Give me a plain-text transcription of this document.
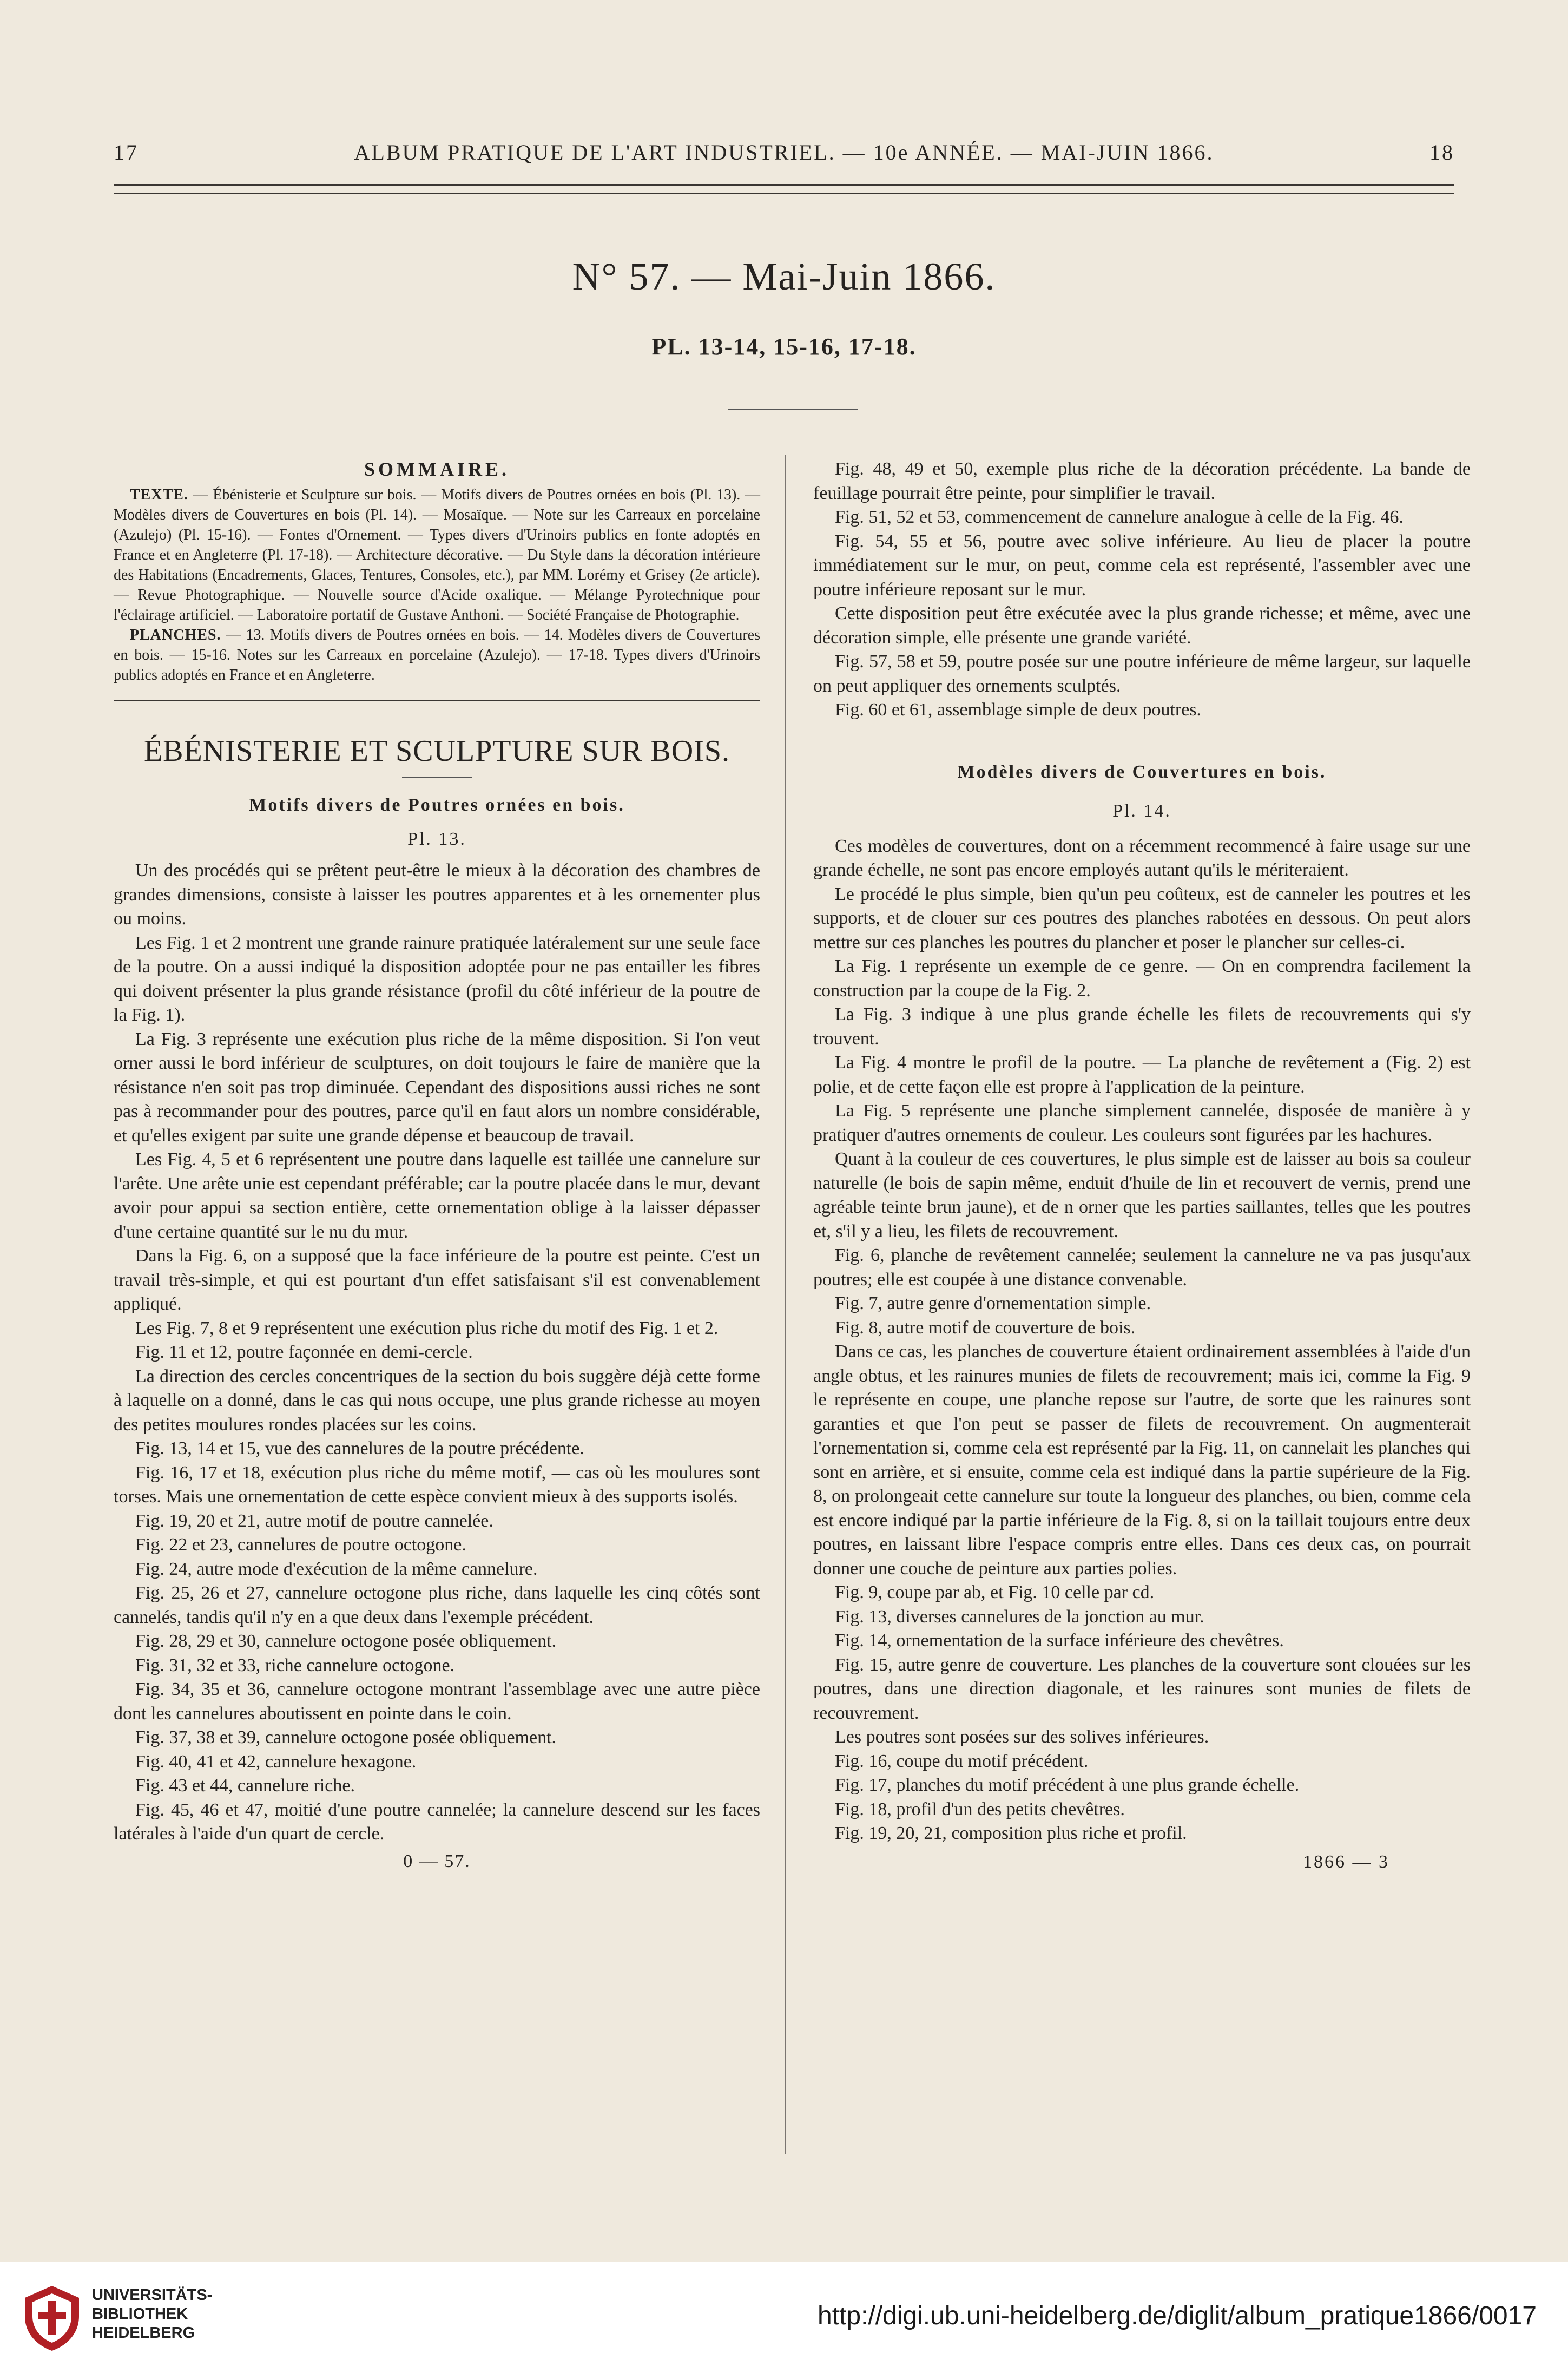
17	ALBUM PRATIQUE DE L'ART INDUSTRIEL. — 10e ANNÉE. — MAI-JUIN 1866.	18
N° 57. — Mai-Juin 1866.
PL. 13-14, 15-16, 17-18.
SOMMAIRE.

TEXTE. — Ébénisterie et Sculpture sur bois. — Motifs divers de Poutres ornées en bois (Pl. 13). — Modèles divers de Couvertures en bois (Pl. 14). — Mosaïque. — Note sur les Carreaux en porcelaine (Azulejo) (Pl. 15-16). — Fontes d'Ornement. — Types divers d'Urinoirs publics en fonte adoptés en France et en Angleterre (Pl. 17-18). — Architecture décorative. — Du Style dans la décoration intérieure des Habitations (Encadrements, Glaces, Tentures, Consoles, etc.), par MM. Lorémy et Grisey (2e article). — Revue Photographique. — Nouvelle source d'Acide oxalique. — Mélange Pyrotechnique pour l'éclairage artificiel. — Laboratoire portatif de Gustave Anthoni. — Société Française de Photographie.

PLANCHES. — 13. Motifs divers de Poutres ornées en bois. — 14. Modèles divers de Couvertures en bois. — 15-16. Notes sur les Carreaux en porcelaine (Azulejo). — 17-18. Types divers d'Urinoirs publics adoptés en France et en Angleterre.

ÉBÉNISTERIE ET SCULPTURE SUR BOIS.
Motifs divers de Poutres ornées en bois.
Pl. 13.

Un des procédés qui se prêtent peut-être le mieux à la décoration des chambres de grandes dimensions, consiste à laisser les poutres apparentes et à les ornementer plus ou moins.

Les Fig. 1 et 2 montrent une grande rainure pratiquée latéralement sur une seule face de la poutre. On a aussi indiqué la disposition adoptée pour ne pas entailler les fibres qui doivent présenter la plus grande résistance (profil du côté inférieur de la poutre de la Fig. 1).

La Fig. 3 représente une exécution plus riche de la même disposition. Si l'on veut orner aussi le bord inférieur de sculptures, on doit toujours le faire de manière que la résistance n'en soit pas trop diminuée. Cependant des dispositions aussi riches ne sont pas à recommander pour des poutres, parce qu'il en faut alors un nombre considérable, et qu'elles exigent par suite une grande dépense et beaucoup de travail.

Les Fig. 4, 5 et 6 représentent une poutre dans laquelle est taillée une cannelure sur l'arête. Une arête unie est cependant préférable; car la poutre placée dans le mur, devant avoir pour appui sa section entière, cette ornementation oblige à la laisser dépasser d'une certaine quantité sur le nu du mur.

Dans la Fig. 6, on a supposé que la face inférieure de la poutre est peinte. C'est un travail très-simple, et qui est pourtant d'un effet satisfaisant s'il est convenablement appliqué.

Les Fig. 7, 8 et 9 représentent une exécution plus riche du motif des Fig. 1 et 2.

Fig. 11 et 12, poutre façonnée en demi-cercle.

La direction des cercles concentriques de la section du bois suggère déjà cette forme à laquelle on a donné, dans le cas qui nous occupe, une plus grande richesse au moyen des petites moulures rondes placées sur les coins.

Fig. 13, 14 et 15, vue des cannelures de la poutre précédente.

Fig. 16, 17 et 18, exécution plus riche du même motif, — cas où les moulures sont torses. Mais une ornementation de cette espèce convient mieux à des supports isolés.

Fig. 19, 20 et 21, autre motif de poutre cannelée.

Fig. 22 et 23, cannelures de poutre octogone.

Fig. 24, autre mode d'exécution de la même cannelure.

Fig. 25, 26 et 27, cannelure octogone plus riche, dans laquelle les cinq côtés sont cannelés, tandis qu'il n'y en a que deux dans l'exemple précédent.

Fig. 28, 29 et 30, cannelure octogone posée obliquement.

Fig. 31, 32 et 33, riche cannelure octogone.

Fig. 34, 35 et 36, cannelure octogone montrant l'assemblage avec une autre pièce dont les cannelures aboutissent en pointe dans le coin.

Fig. 37, 38 et 39, cannelure octogone posée obliquement.

Fig. 40, 41 et 42, cannelure hexagone.

Fig. 43 et 44, cannelure riche.

Fig. 45, 46 et 47, moitié d'une poutre cannelée; la cannelure descend sur les faces latérales à l'aide d'un quart de cercle.

0 — 57.

Fig. 48, 49 et 50, exemple plus riche de la décoration précédente. La bande de feuillage pourrait être peinte, pour simplifier le travail.

Fig. 51, 52 et 53, commencement de cannelure analogue à celle de la Fig. 46.

Fig. 54, 55 et 56, poutre avec solive inférieure. Au lieu de placer la poutre immédiatement sur le mur, on peut, comme cela est représenté, l'assembler avec une poutre inférieure reposant sur le mur.

Cette disposition peut être exécutée avec la plus grande richesse; et même, avec une décoration simple, elle présente une grande variété.

Fig. 57, 58 et 59, poutre posée sur une poutre inférieure de même largeur, sur laquelle on peut appliquer des ornements sculptés.

Fig. 60 et 61, assemblage simple de deux poutres.

Modèles divers de Couvertures en bois.
Pl. 14.

Ces modèles de couvertures, dont on a récemment recommencé à faire usage sur une grande échelle, ne sont pas encore employés autant qu'ils le mériteraient.

Le procédé le plus simple, bien qu'un peu coûteux, est de canneler les poutres et les supports, et de clouer sur ces poutres des planches rabotées en dessous. On peut alors mettre sur ces planches les poutres du plancher et poser le plancher sur celles-ci.

La Fig. 1 représente un exemple de ce genre. — On en comprendra facilement la construction par la coupe de la Fig. 2.

La Fig. 3 indique à une plus grande échelle les filets de recouvrements qui s'y trouvent.

La Fig. 4 montre le profil de la poutre. — La planche de revêtement a (Fig. 2) est polie, et de cette façon elle est propre à l'application de la peinture.

La Fig. 5 représente une planche simplement cannelée, disposée de manière à y pratiquer d'autres ornements de couleur. Les couleurs sont figurées par les hachures.

Quant à la couleur de ces couvertures, le plus simple est de laisser au bois sa couleur naturelle (le bois de sapin même, enduit d'huile de lin et recouvert de vernis, prend une agréable teinte brun jaune), et de n orner que les parties saillantes, telles que les poutres et, s'il y a lieu, les filets de recouvrement.

Fig. 6, planche de revêtement cannelée; seulement la cannelure ne va pas jusqu'aux poutres; elle est coupée à une distance convenable.

Fig. 7, autre genre d'ornementation simple.

Fig. 8, autre motif de couverture de bois.

Dans ce cas, les planches de couverture étaient ordinairement assemblées à l'aide d'un angle obtus, et les rainures munies de filets de recouvrement; mais ici, comme la Fig. 9 le représente en coupe, une planche repose sur l'autre, de sorte que les rainures sont garanties et que l'on peut se passer de filets de recouvrement. On augmenterait l'ornementation si, comme cela est représenté par la Fig. 11, on cannelait les planches qui sont en arrière, et si ensuite, comme cela est indiqué dans la partie supérieure de la Fig. 8, on prolongeait cette cannelure sur toute la longueur des planches, ou bien, comme cela est encore indiqué par la partie inférieure de la Fig. 8, si on la taillait toujours entre deux poutres, en laissant libre l'espace compris entre elles. Dans ces deux cas, on pourrait donner une couche de peinture aux parties polies.

Fig. 9, coupe par ab, et Fig. 10 celle par cd.

Fig. 13, diverses cannelures de la jonction au mur.

Fig. 14, ornementation de la surface inférieure des chevêtres.

Fig. 15, autre genre de couverture. Les planches de la couverture sont clouées sur les poutres, dans une direction diagonale, et les rainures sont munies de filets de recouvrement.

Les poutres sont posées sur des solives inférieures.

Fig. 16, coupe du motif précédent.

Fig. 17, planches du motif précédent à une plus grande échelle.

Fig. 18, profil d'un des petits chevêtres.

Fig. 19, 20, 21, composition plus riche et profil.

1866 — 3
UNIVERSITÄTS-
BIBLIOTHEK
HEIDELBERG
http://digi.ub.uni-heidelberg.de/diglit/album_pratique1866/0017
